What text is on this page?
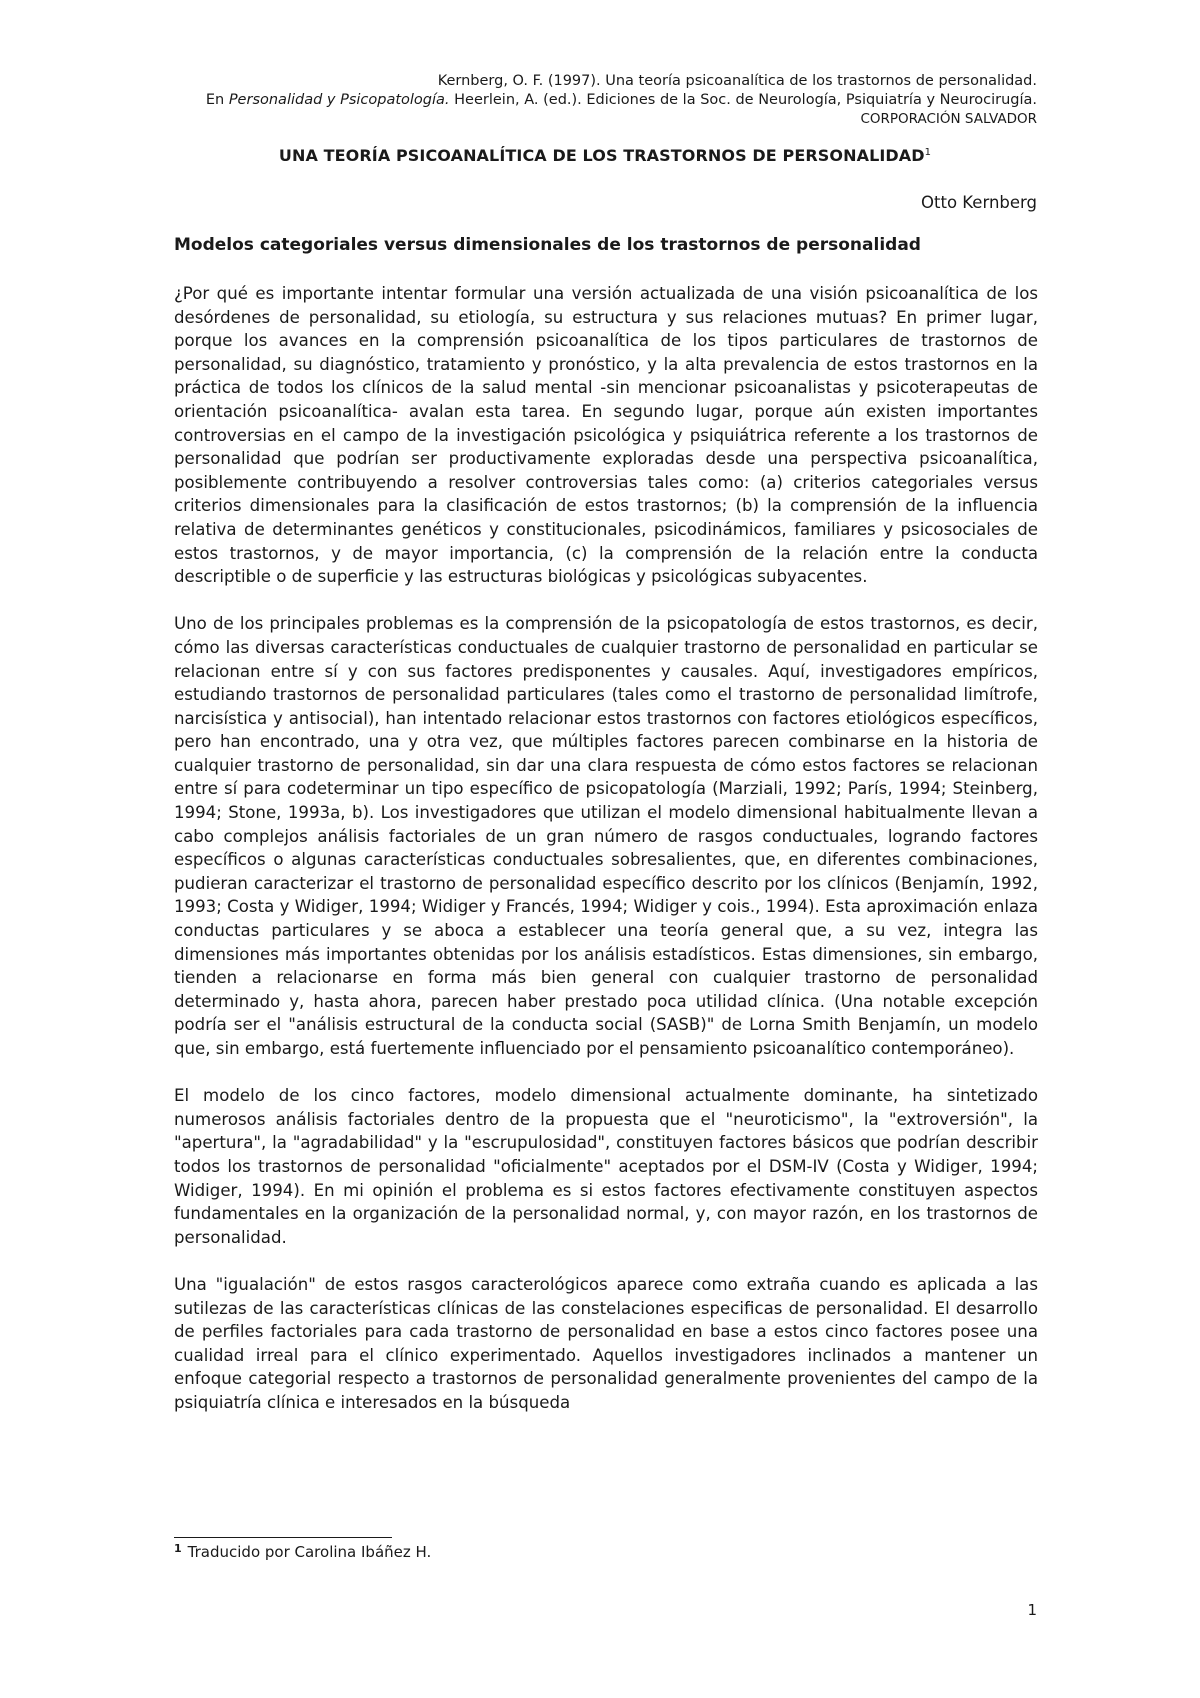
Kernberg, O. F. (1997). Una teoría psicoanalítica de los trastornos de personalidad.
En Personalidad y Psicopatología. Heerlein, A. (ed.). Ediciones de la Soc. de Neurología, Psiquiatría y Neurocirugía.
CORPORACIÓN SALVADOR
UNA TEORÍA PSICOANALÍTICA DE LOS TRASTORNOS DE PERSONALIDAD$^1$
Otto Kernberg
Modelos categoriales versus dimensionales de los trastornos de personalidad

¿Por qué es importante intentar formular una versión actualizada de una visión psicoanalítica de los desórdenes de personalidad, su etiología, su estructura y sus relaciones mutuas? En primer lugar, porque los avances en la comprensión psicoanalítica de los tipos particulares de trastornos de personalidad, su diagnóstico, tratamiento y pronóstico, y la alta prevalencia de estos trastornos en la práctica de todos los clínicos de la salud mental -sin mencionar psicoanalistas y psicoterapeutas de orientación psicoanalítica- avalan esta tarea. En segundo lugar, porque aún existen importantes controversias en el campo de la investigación psicológica y psiquiátrica referente a los trastornos de personalidad que podrían ser productivamente exploradas desde una perspectiva psicoanalítica, posiblemente contribuyendo a resolver controversias tales como: (a) criterios categoriales versus criterios dimensionales para la clasificación de estos trastornos; (b) la comprensión de la influencia relativa de determinantes genéticos y constitucionales, psicodinámicos, familiares y psicosociales de estos trastornos, y de mayor importancia, (c) la comprensión de la relación entre la conducta descriptible o de superficie y las estructuras biológicas y psicológicas subyacentes.

Uno de los principales problemas es la comprensión de la psicopatología de estos trastornos, es decir, cómo las diversas características conductuales de cualquier trastorno de personalidad en particular se relacionan entre sí y con sus factores predisponentes y causales. Aquí, investigadores empíricos, estudiando trastornos de personalidad particulares (tales como el trastorno de personalidad limítrofe, narcisística y antisocial), han intentado relacionar estos trastornos con factores etiológicos específicos, pero han encontrado, una y otra vez, que múltiples factores parecen combinarse en la historia de cualquier trastorno de personalidad, sin dar una clara respuesta de cómo estos factores se relacionan entre sí para codeterminar un tipo específico de psicopatología (Marziali, 1992; París, 1994; Steinberg, 1994; Stone, 1993a, b). Los investigadores que utilizan el modelo dimensional habitualmente llevan a cabo complejos análisis factoriales de un gran número de rasgos conductuales, logrando factores específicos o algunas características conductuales sobresalientes, que, en diferentes combinaciones, pudieran caracterizar el trastorno de personalidad específico descrito por los clínicos (Benjamín, 1992, 1993; Costa y Widiger, 1994; Widiger y Francés, 1994; Widiger y cois., 1994). Esta aproximación enlaza conductas particulares y se aboca a establecer una teoría general que, a su vez, integra las dimensiones más importantes obtenidas por los análisis estadísticos. Estas dimensiones, sin embargo, tienden a relacionarse en forma más bien general con cualquier trastorno de personalidad determinado y, hasta ahora, parecen haber prestado poca utilidad clínica. (Una notable excepción podría ser el "análisis estructural de la conducta social (SASB)" de Lorna Smith Benjamín, un modelo que, sin embargo, está fuertemente influenciado por el pensamiento psicoanalítico contemporáneo).

El modelo de los cinco factores, modelo dimensional actualmente dominante, ha sintetizado numerosos análisis factoriales dentro de la propuesta que el "neuroticismo", la "extroversión", la "apertura", la "agradabilidad" y la "escrupulosidad", constituyen factores básicos que podrían describir todos los trastornos de personalidad "oficialmente" aceptados por el DSM-IV (Costa y Widiger, 1994; Widiger, 1994). En mi opinión el problema es si estos factores efectivamente constituyen aspectos fundamentales en la organización de la personalidad normal, y, con mayor razón, en los trastornos de personalidad.

Una "igualación" de estos rasgos caracterológicos aparece como extraña cuando es aplicada a las sutilezas de las características clínicas de las constelaciones especificas de personalidad. El desarrollo de perfiles factoriales para cada trastorno de personalidad en base a estos cinco factores posee una cualidad irreal para el clínico experimentado. Aquellos investigadores inclinados a mantener un enfoque categorial respecto a trastornos de personalidad generalmente provenientes del campo de la psiquiatría clínica e interesados en la búsqueda

$^1$ Traducido por Carolina Ibáñez H.
1
